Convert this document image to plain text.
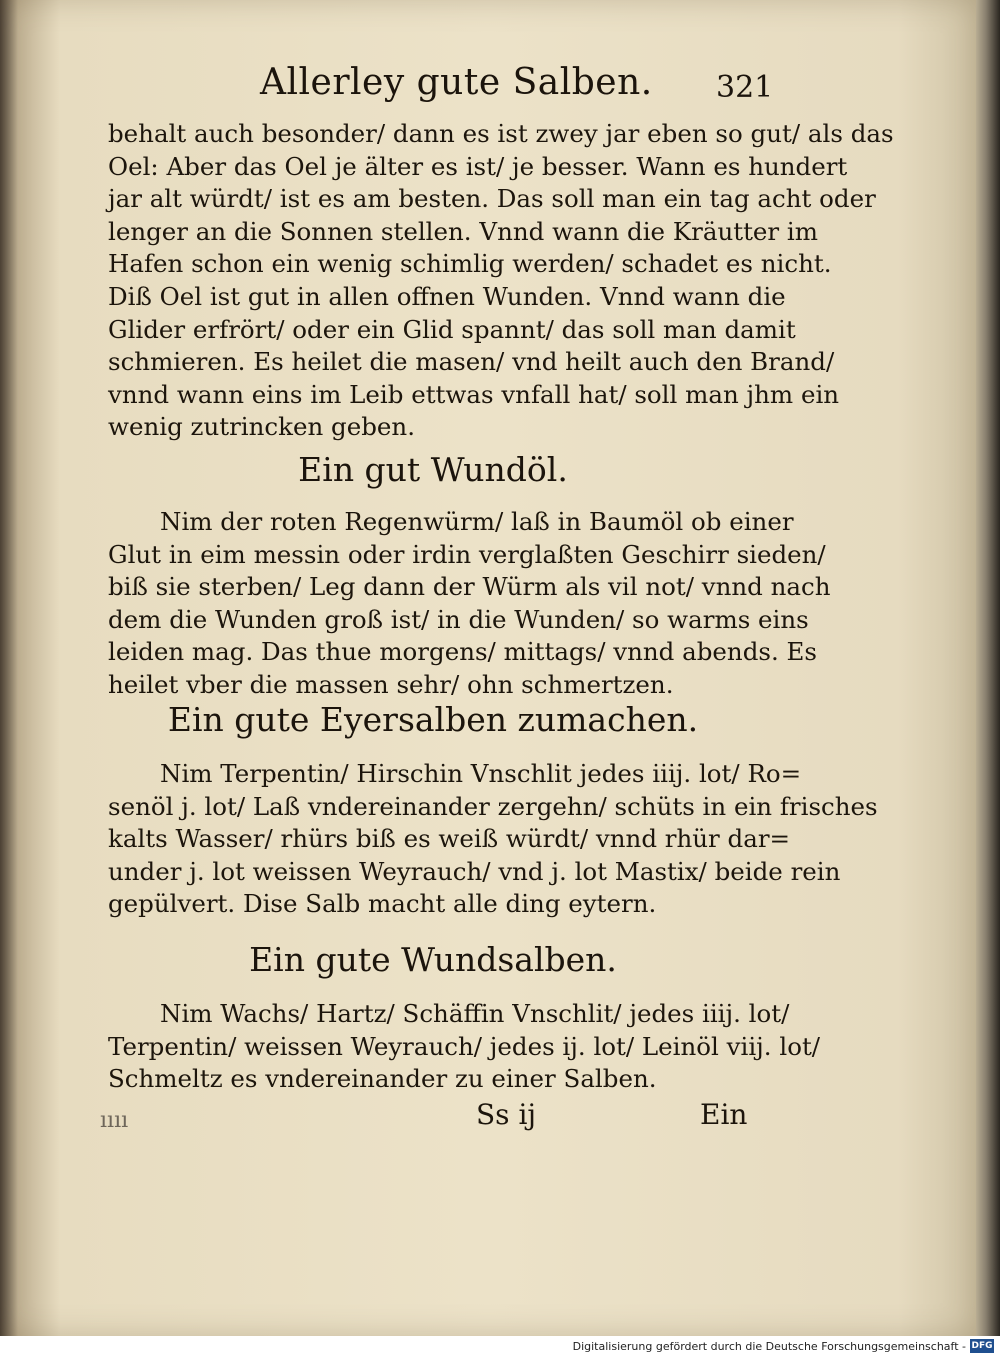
Allerley gute Salben. 321

behalt auch besonder/ dann es ist zwey jar eben so gut/ als das

Oel: Aber das Oel je älter es ist/ je besser. Wann es hundert

jar alt würdt/ ist es am besten. Das soll man ein tag acht oder

lenger an die Sonnen stellen. Vnnd wann die Kräutter im

Hafen schon ein wenig schimlig werden/ schadet es nicht.

Diß Oel ist gut in allen offnen Wunden. Vnnd wann die

Glider erfrört/ oder ein Glid spannt/ das soll man damit

schmieren. Es heilet die masen/ vnd heilt auch den Brand/

vnnd wann eins im Leib ettwas vnfall hat/ soll man jhm ein

wenig zutrincken geben.

Ein gut Wundöl.

Nim der roten Regenwürm/ laß in Baumöl ob einer

Glut in eim messin oder irdin verglaßten Geschirr sieden/

biß sie sterben/ Leg dann der Würm als vil not/ vnnd nach

dem die Wunden groß ist/ in die Wunden/ so warms eins

leiden mag. Das thue morgens/ mittags/ vnnd abends. Es

heilet vber die massen sehr/ ohn schmertzen.

Ein gute Eyersalben zumachen.

Nim Terpentin/ Hirschin Vnschlit jedes iiij. lot/ Ro=

senöl j. lot/ Laß vndereinander zergehn/ schüts in ein frisches

kalts Wasser/ rhürs biß es weiß würdt/ vnnd rhür dar=

under j. lot weissen Weyrauch/ vnd j. lot Mastix/ beide rein

gepülvert. Dise Salb macht alle ding eytern.

Ein gute Wundsalben.

Nim Wachs/ Hartz/ Schäffin Vnschlit/ jedes iiij. lot/

Terpentin/ weissen Weyrauch/ jedes ij. lot/ Leinöl viij. lot/

Schmeltz es vndereinander zu einer Salben.

ıııı	Ss ij	Ein
Digitalisierung gefördert durch die Deutsche Forschungsgemeinschaft - DFG
